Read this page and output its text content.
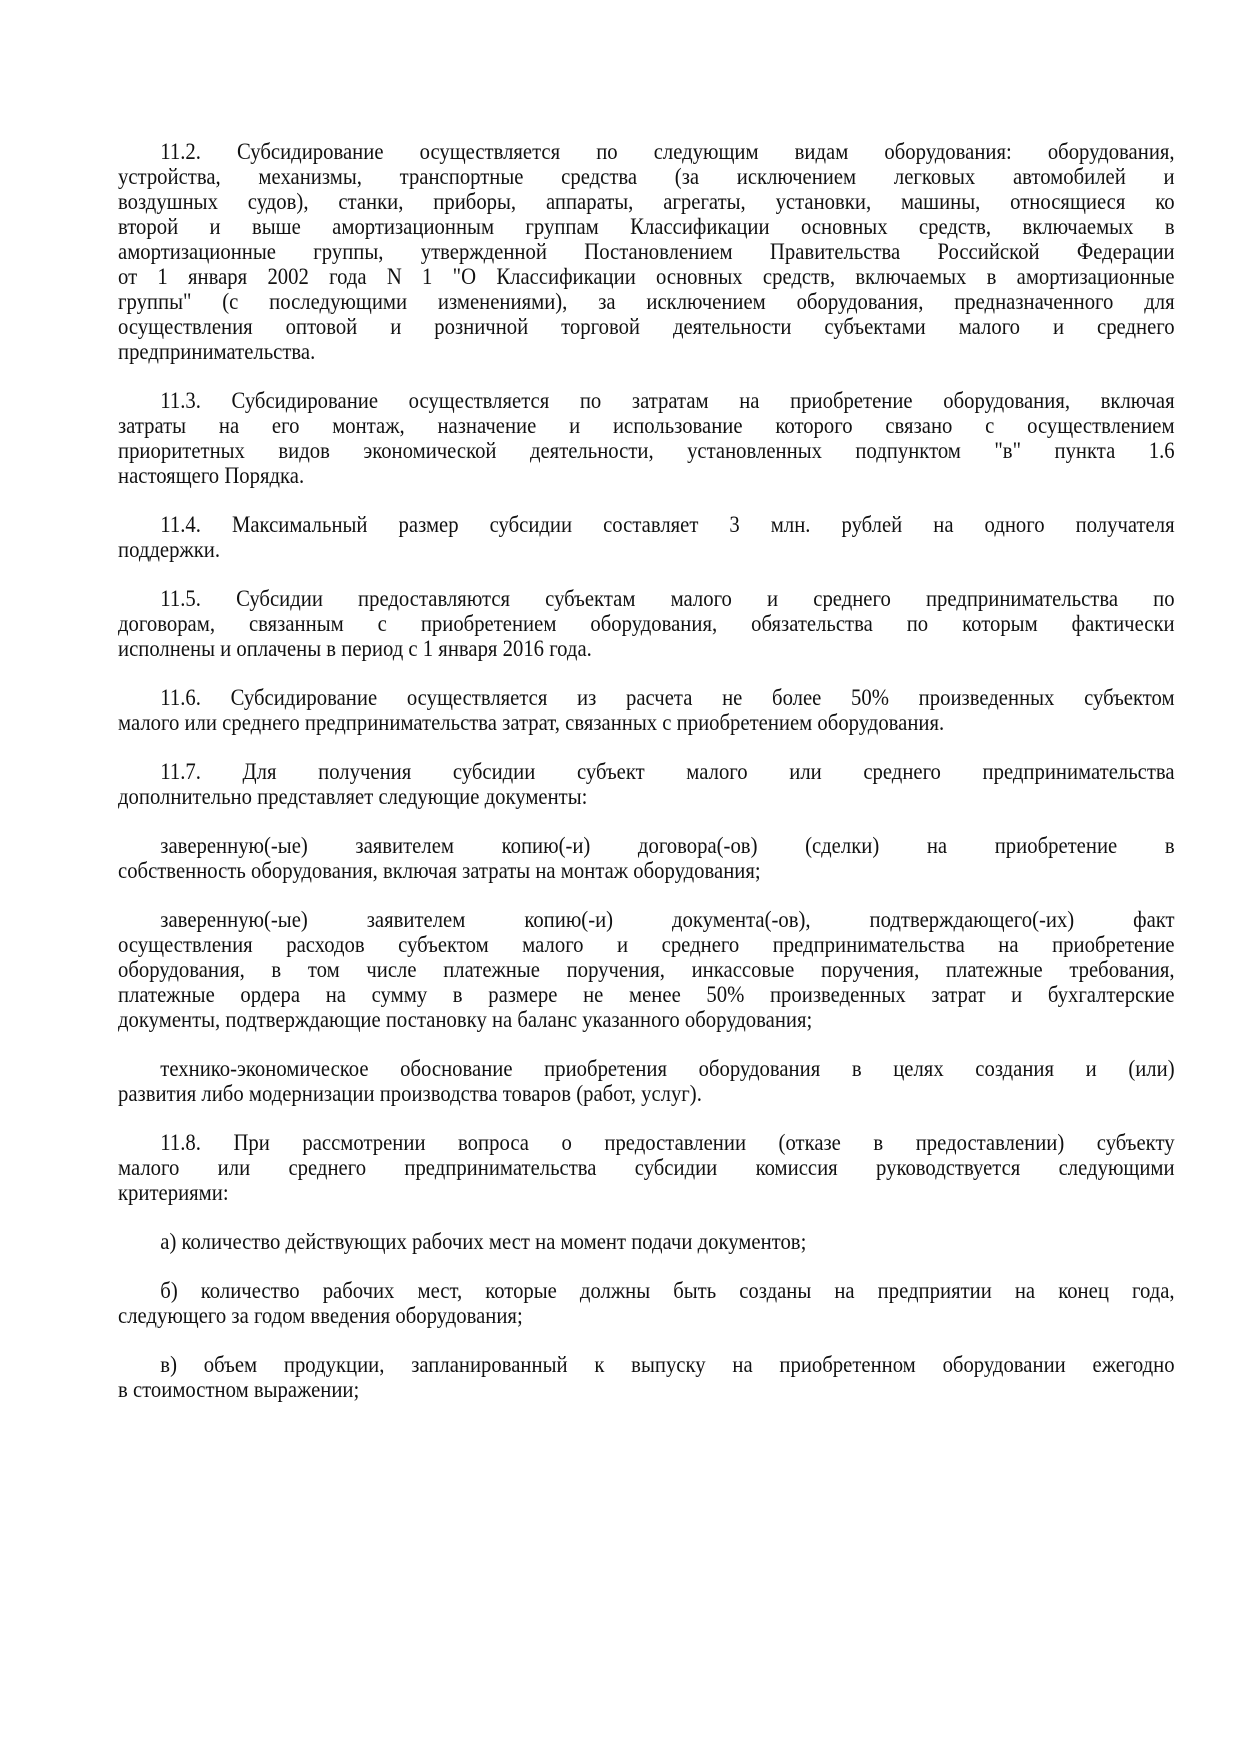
11.2. Субсидирование осуществляется по следующим видам оборудования: оборудования,
устройства, механизмы, транспортные средства (за исключением легковых автомобилей и
воздушных судов), станки, приборы, аппараты, агрегаты, установки, машины, относящиеся ко
второй и выше амортизационным группам Классификации основных средств, включаемых в
амортизационные группы, утвержденной Постановлением Правительства Российской Федерации
от 1 января 2002 года N 1 "О Классификации основных средств, включаемых в амортизационные
группы" (с последующими изменениями), за исключением оборудования, предназначенного для
осуществления оптовой и розничной торговой деятельности субъектами малого и среднего
предпринимательства.
11.3. Субсидирование осуществляется по затратам на приобретение оборудования, включая
затраты на его монтаж, назначение и использование которого связано с осуществлением
приоритетных видов экономической деятельности, установленных подпунктом "в" пункта 1.6
настоящего Порядка.
11.4. Максимальный размер субсидии составляет 3 млн. рублей на одного получателя
поддержки.
11.5. Субсидии предоставляются субъектам малого и среднего предпринимательства по
договорам, связанным с приобретением оборудования, обязательства по которым фактически
исполнены и оплачены в период с 1 января 2016 года.
11.6. Субсидирование осуществляется из расчета не более 50% произведенных субъектом
малого или среднего предпринимательства затрат, связанных с приобретением оборудования.
11.7. Для получения субсидии субъект малого или среднего предпринимательства
дополнительно представляет следующие документы:
заверенную(-ые) заявителем копию(-и) договора(-ов) (сделки) на приобретение в
собственность оборудования, включая затраты на монтаж оборудования;
заверенную(-ые) заявителем копию(-и) документа(-ов), подтверждающего(-их) факт
осуществления расходов субъектом малого и среднего предпринимательства на приобретение
оборудования, в том числе платежные поручения, инкассовые поручения, платежные требования,
платежные ордера на сумму в размере не менее 50% произведенных затрат и бухгалтерские
документы, подтверждающие постановку на баланс указанного оборудования;
технико-экономическое обоснование приобретения оборудования в целях создания и (или)
развития либо модернизации производства товаров (работ, услуг).
11.8. При рассмотрении вопроса о предоставлении (отказе в предоставлении) субъекту
малого или среднего предпринимательства субсидии комиссия руководствуется следующими
критериями:
а) количество действующих рабочих мест на момент подачи документов;
б) количество рабочих мест, которые должны быть созданы на предприятии на конец года,
следующего за годом введения оборудования;
в) объем продукции, запланированный к выпуску на приобретенном оборудовании ежегодно
в стоимостном выражении;
